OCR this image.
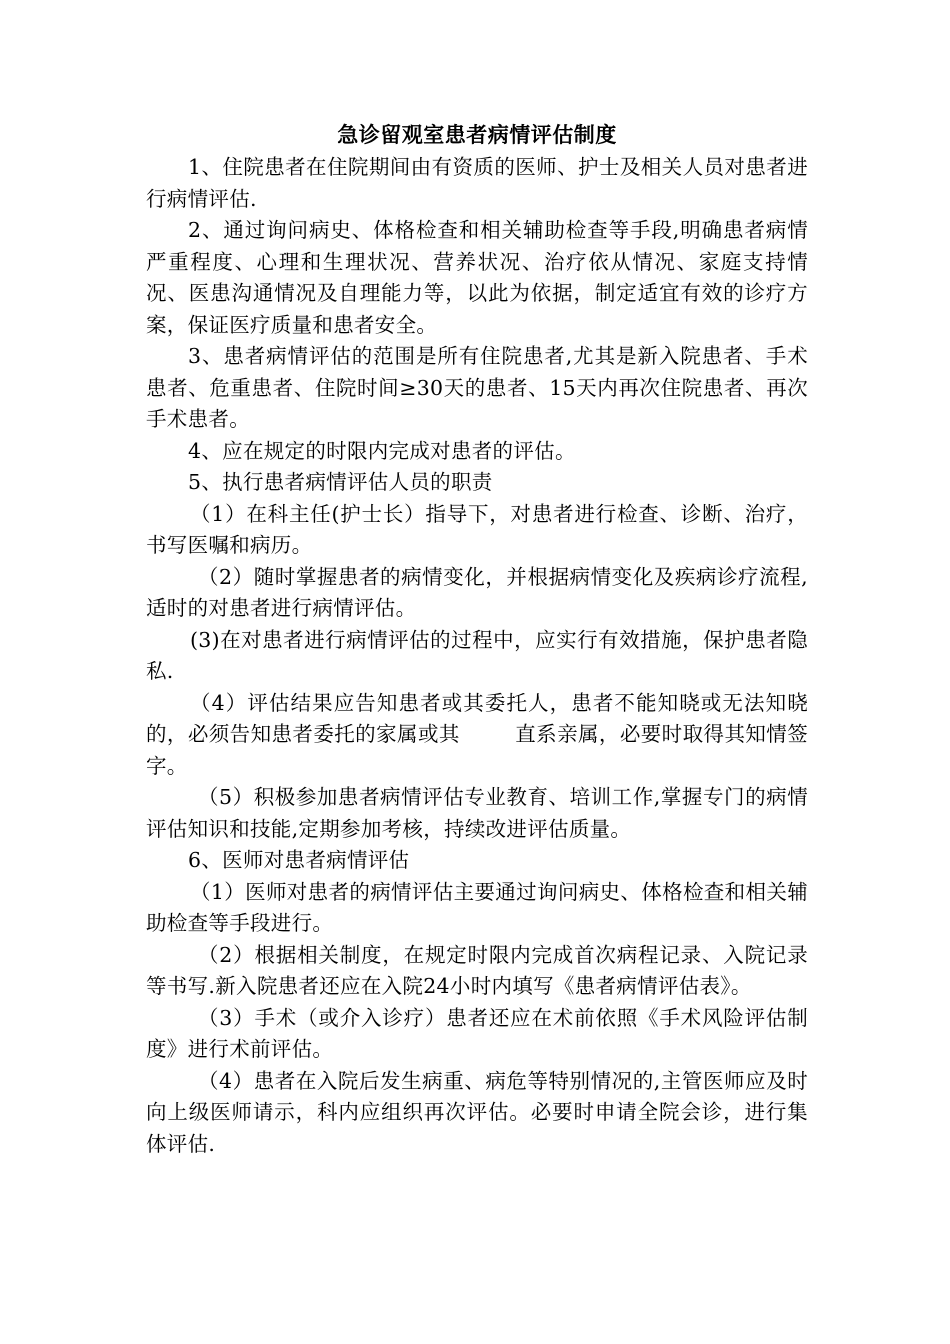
急诊留观室患者病情评估制度

1、住院患者在住院期间由有资质的医师、护士及相关人员对患者进行病情评估.

2、通过询问病史、体格检查和相关辅助检查等手段,明确患者病情严重程度、心理和生理状况、营养状况、治疗依从情况、家庭支持情况、医患沟通情况及自理能力等，以此为依据，制定适宜有效的诊疗方案，保证医疗质量和患者安全。

3、患者病情评估的范围是所有住院患者,尤其是新入院患者、手术患者、危重患者、住院时间≥30天的患者、15天内再次住院患者、再次手术患者。

4、应在规定的时限内完成对患者的评估。

5、执行患者病情评估人员的职责

（1）在科主任(护士长）指导下，对患者进行检查、诊断、治疗，书写医嘱和病历。

（2）随时掌握患者的病情变化，并根据病情变化及疾病诊疗流程,适时的对患者进行病情评估。

(3)在对患者进行病情评估的过程中，应实行有效措施，保护患者隐私.

（4）评估结果应告知患者或其委托人，患者不能知晓或无法知晓的，必须告知患者委托的家属或其        直系亲属，必要时取得其知情签字。

（5）积极参加患者病情评估专业教育、培训工作,掌握专门的病情评估知识和技能,定期参加考核，持续改进评估质量。

6、医师对患者病情评估

（1）医师对患者的病情评估主要通过询问病史、体格检查和相关辅助检查等手段进行。

（2）根据相关制度，在规定时限内完成首次病程记录、入院记录等书写.新入院患者还应在入院24小时内填写《患者病情评估表》。

（3）手术（或介入诊疗）患者还应在术前依照《手术风险评估制度》进行术前评估。

（4）患者在入院后发生病重、病危等特别情况的,主管医师应及时向上级医师请示，科内应组织再次评估。必要时申请全院会诊，进行集体评估.
